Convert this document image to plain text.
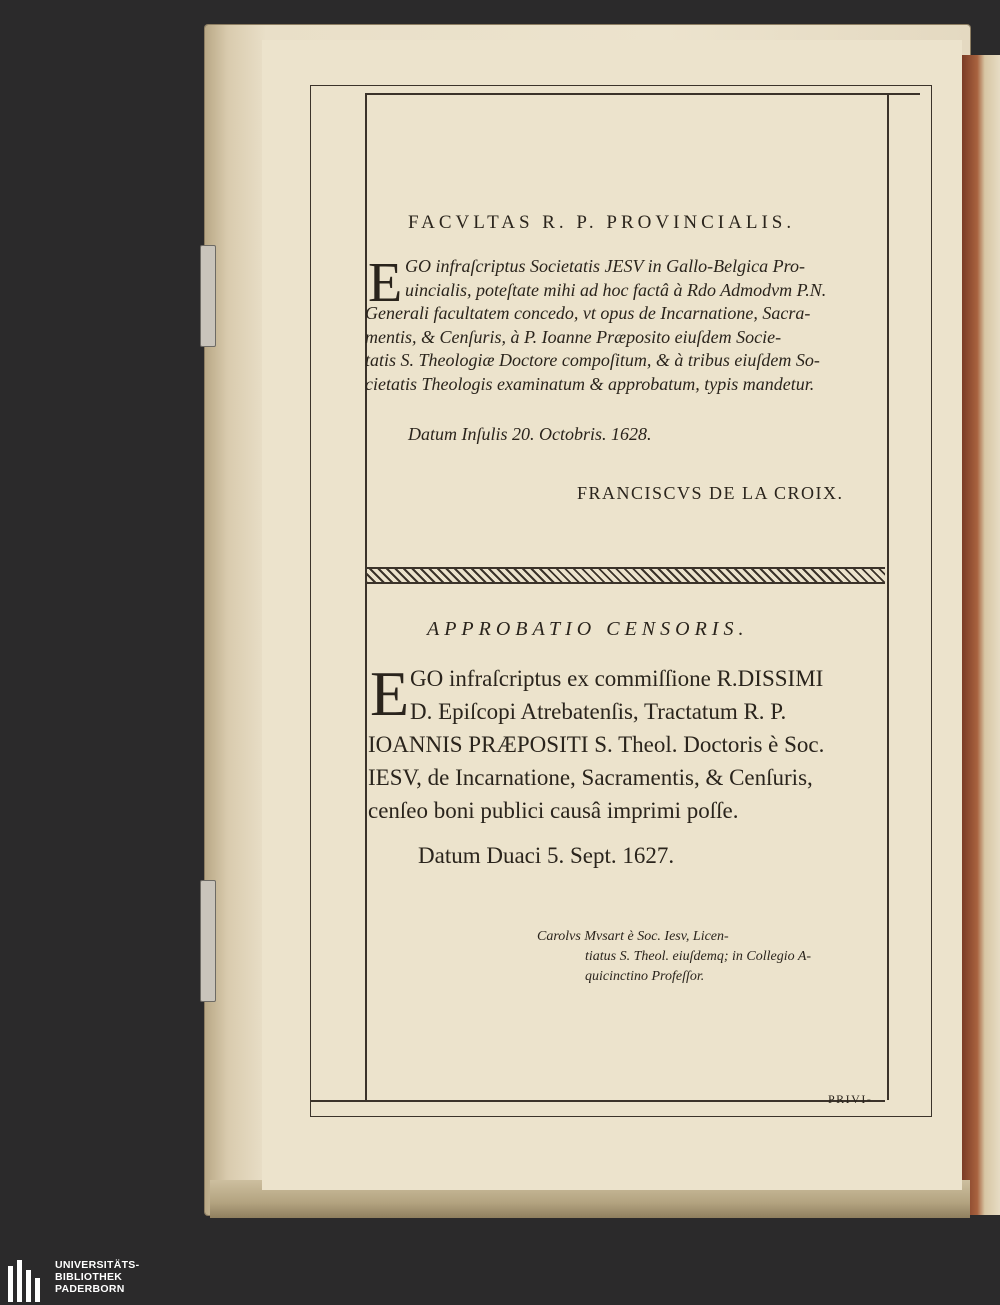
FACVLTAS R. P. PROVINCIALIS.
E GO infraſcriptus Societatis JESV in Gallo-Belgica Pro-
uincialis, poteſtate mihi ad hoc factâ à Rdo Admodvm P.N.
Generali facultatem concedo, vt opus de Incarnatione, Sacra-
mentis, & Cenſuris, à P. Ioanne Præposito eiuſdem Socie-
tatis S. Theologiæ Doctore compoſitum, & à tribus eiuſdem So-
cietatis Theologis examinatum & approbatum, typis mandetur.
Datum Inſulis 20. Octobris. 1628.
FRANCISCVS DE LA CROIX.
APPROBATIO CENSORIS.
E GO infraſcriptus ex commiſſione R.DISSIMI
D. Epiſcopi Atrebatenſis, Tractatum R. P.
IOANNIS PRÆPOSITI S. Theol. Doctoris è Soc.
IESV, de Incarnatione, Sacramentis, & Cenſuris,
cenſeo boni publici causâ imprimi poſſe.
Datum Duaci 5. Sept. 1627.
Carolvs Mvsart è Soc. Iesv, Licen-
tiatus S. Theol. eiuſdemq; in Collegio A-
quicinctino Profeſſor.
PRIVI-
UNIVERSITÄTS-
BIBLIOTHEK
PADERBORN
